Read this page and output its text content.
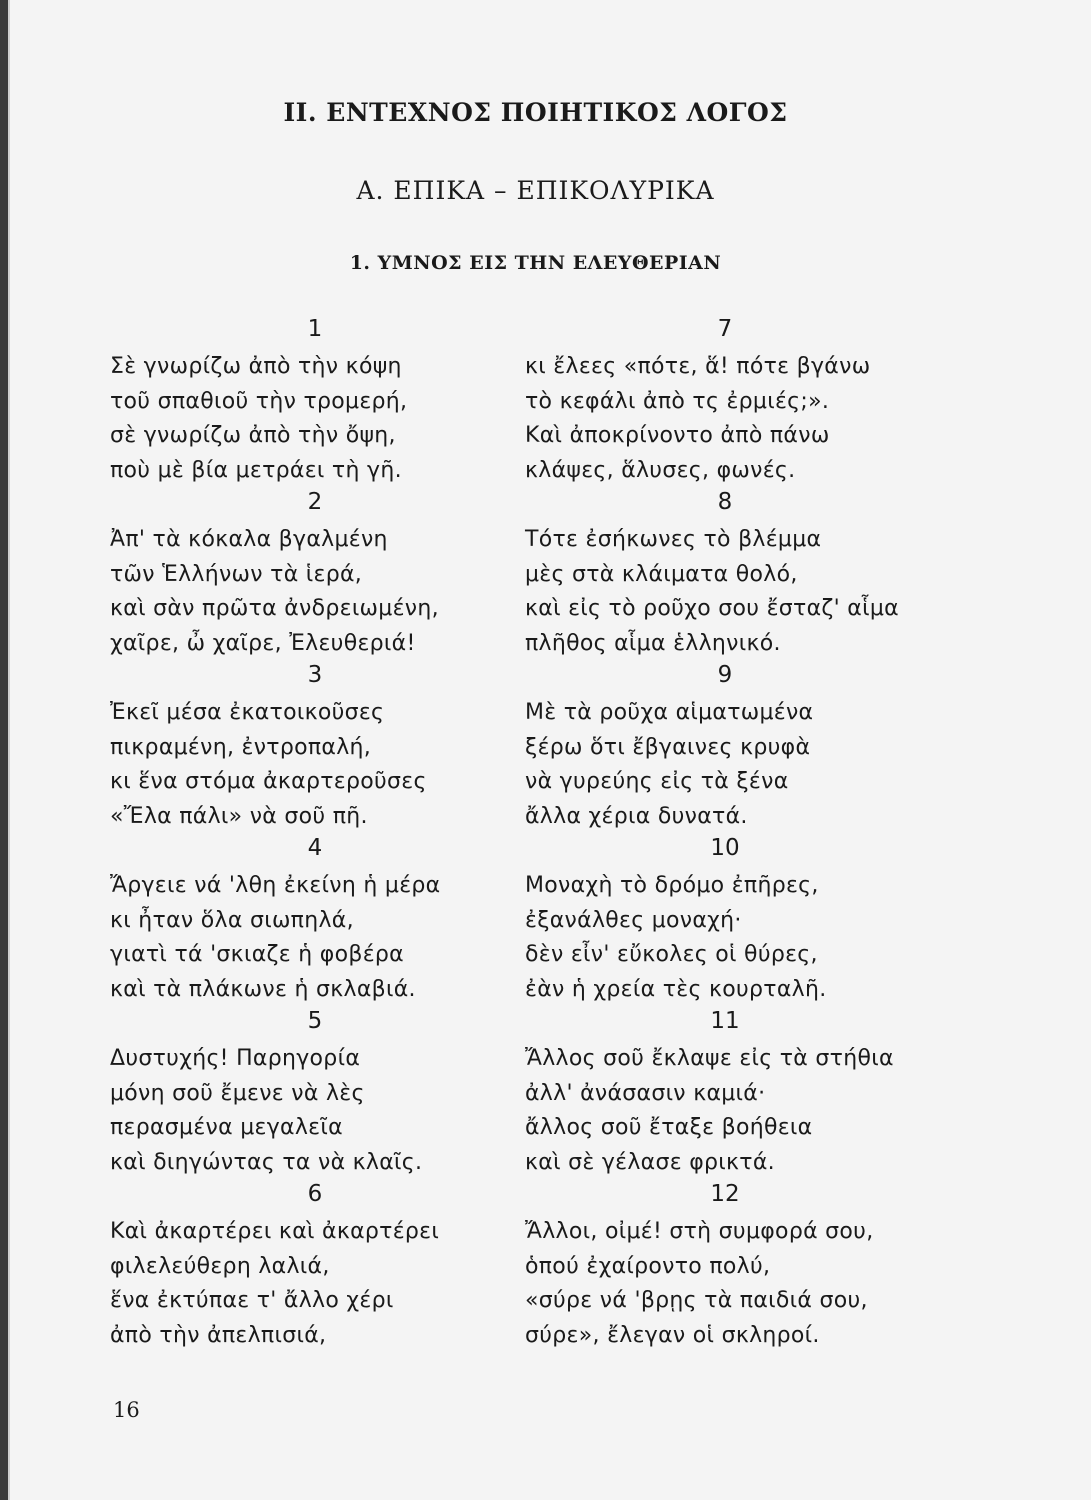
II. ΕΝΤΕΧΝΟΣ ΠΟΙΗΤΙΚΟΣ ΛΟΓΟΣ
Α. ΕΠΙΚΑ – ΕΠΙΚΟΛΥΡΙΚΑ
1. ΥΜΝΟΣ ΕΙΣ ΤΗΝ ΕΛΕΥΘΕΡΙΑΝ
1
Σὲ γνωρίζω ἀπὸ τὴν κόψη
τοῦ σπαθιοῦ τὴν τρομερή,
σὲ γνωρίζω ἀπὸ τὴν ὄψη,
ποὺ μὲ βία μετράει τὴ γῆ.
2
Ἀπ' τὰ κόκαλα βγαλμένη
τῶν Ἑλλήνων τὰ ἱερά,
καὶ σὰν πρῶτα ἀνδρειωμένη,
χαῖρε, ὦ χαῖρε, Ἐλευθεριά!
3
Ἐκεῖ μέσα ἐκατοικοῦσες
πικραμένη, ἐντροπαλή,
κι ἕνα στόμα ἀκαρτεροῦσες
«Ἔλα πάλι» νὰ σοῦ πῆ.
4
Ἄργειε νά 'λθη ἐκείνη ἡ μέρα
κι ἦταν ὅλα σιωπηλά,
γιατὶ τά 'σκιαζε ἡ φοβέρα
καὶ τὰ πλάκωνε ἡ σκλαβιά.
5
Δυστυχής! Παρηγορία
μόνη σοῦ ἔμενε νὰ λὲς
περασμένα μεγαλεῖα
καὶ διηγώντας τα νὰ κλαῖς.
6
Καὶ ἀκαρτέρει καὶ ἀκαρτέρει
φιλελεύθερη λαλιά,
ἕνα ἐκτύπαε τ' ἄλλο χέρι
ἀπὸ τὴν ἀπελπισιά,
7
κι ἔλεες «πότε, ἅ! πότε βγάνω
τὸ κεφάλι ἀπὸ τς ἐρμιές;».
Καὶ ἀποκρίνοντο ἀπὸ πάνω
κλάψες, ἅλυσες, φωνές.
8
Τότε ἐσήκωνες τὸ βλέμμα
μὲς στὰ κλάιματα θολό,
καὶ εἰς τὸ ροῦχο σου ἔσταζ' αἷμα
πλῆθος αἷμα ἑλληνικό.
9
Μὲ τὰ ροῦχα αἱματωμένα
ξέρω ὅτι ἔβγαινες κρυφὰ
νὰ γυρεύης εἰς τὰ ξένα
ἄλλα χέρια δυνατά.
10
Μοναχὴ τὸ δρόμο ἐπῆρες,
ἐξανάλθες μοναχή·
δὲν εἶν' εὔκολες οἱ θύρες,
ἐὰν ἡ χρεία τὲς κουρταλῆ.
11
Ἄλλος σοῦ ἔκλαψε εἰς τὰ στήθια
ἀλλ' ἀνάσασιν καμιά·
ἄλλος σοῦ ἔταξε βοήθεια
καὶ σὲ γέλασε φρικτά.
12
Ἄλλοι, οἰμέ! στὴ συμφορά σου,
ὁπού ἐχαίροντο πολύ,
«σύρε νά 'βρῃς τὰ παιδιά σου,
σύρε», ἔλεγαν οἱ σκληροί.
16
